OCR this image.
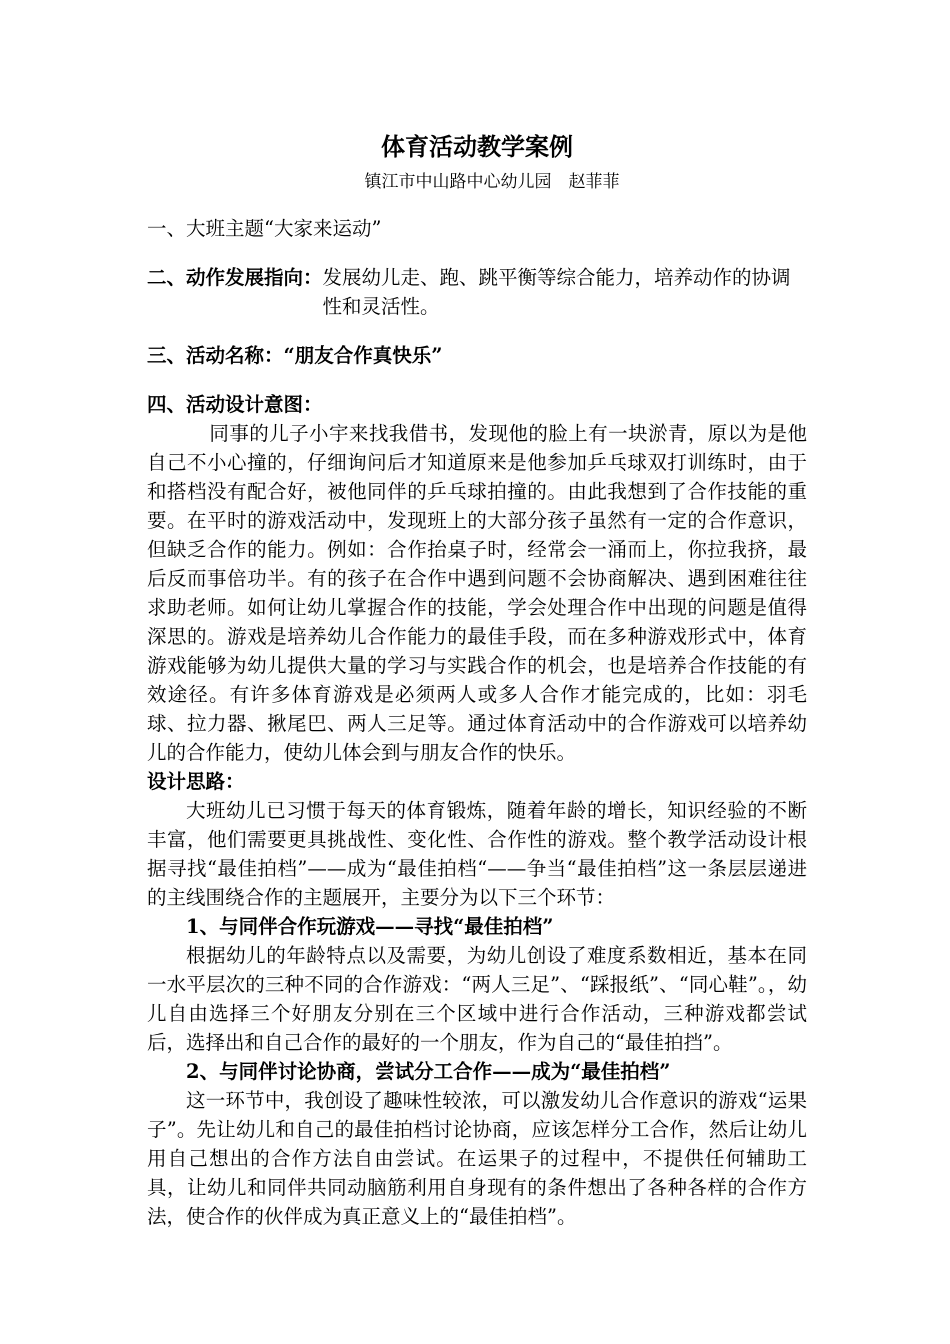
体育活动教学案例
镇江市中山路中心幼儿园　赵菲菲
一、大班主题“大家来运动”
二、动作发展指向： 发展幼儿走、跑、跳平衡等综合能力，培养动作的协调性和灵活性。
三、活动名称：“朋友合作真快乐”
四、活动设计意图：

同事的儿子小宇来找我借书，发现他的脸上有一块淤青，原以为是他自己不小心撞的，仔细询问后才知道原来是他参加乒乓球双打训练时，由于和搭档没有配合好，被他同伴的乒乓球拍撞的。由此我想到了合作技能的重要。在平时的游戏活动中，发现班上的大部分孩子虽然有一定的合作意识，但缺乏合作的能力。例如：合作抬桌子时，经常会一涌而上，你拉我挤，最后反而事倍功半。有的孩子在合作中遇到问题不会协商解决、遇到困难往往求助老师。如何让幼儿掌握合作的技能，学会处理合作中出现的问题是值得深思的。游戏是培养幼儿合作能力的最佳手段，而在多种游戏形式中，体育游戏能够为幼儿提供大量的学习与实践合作的机会，也是培养合作技能的有效途径。有许多体育游戏是必须两人或多人合作才能完成的，比如：羽毛球、拉力器、揪尾巴、两人三足等。通过体育活动中的合作游戏可以培养幼儿的合作能力，使幼儿体会到与朋友合作的快乐。

设计思路：

大班幼儿已习惯于每天的体育锻炼，随着年龄的增长，知识经验的不断丰富，他们需要更具挑战性、变化性、合作性的游戏。整个教学活动设计根据寻找“最佳拍档”——成为“最佳拍档“——争当“最佳拍档”这一条层层递进的主线围绕合作的主题展开，主要分为以下三个环节：

1、与同伴合作玩游戏——寻找“最佳拍档”

根据幼儿的年龄特点以及需要，为幼儿创设了难度系数相近，基本在同一水平层次的三种不同的合作游戏：“两人三足”、“踩报纸”、“同心鞋”。，幼儿自由选择三个好朋友分别在三个区域中进行合作活动，三种游戏都尝试后，选择出和自己合作的最好的一个朋友，作为自己的“最佳拍挡”。

2、与同伴讨论协商，尝试分工合作——成为“最佳拍档”

这一环节中，我创设了趣味性较浓，可以激发幼儿合作意识的游戏“运果子”。先让幼儿和自己的最佳拍档讨论协商，应该怎样分工合作，然后让幼儿用自己想出的合作方法自由尝试。在运果子的过程中，不提供任何辅助工具，让幼儿和同伴共同动脑筋利用自身现有的条件想出了各种各样的合作方法，使合作的伙伴成为真正意义上的“最佳拍档”。
